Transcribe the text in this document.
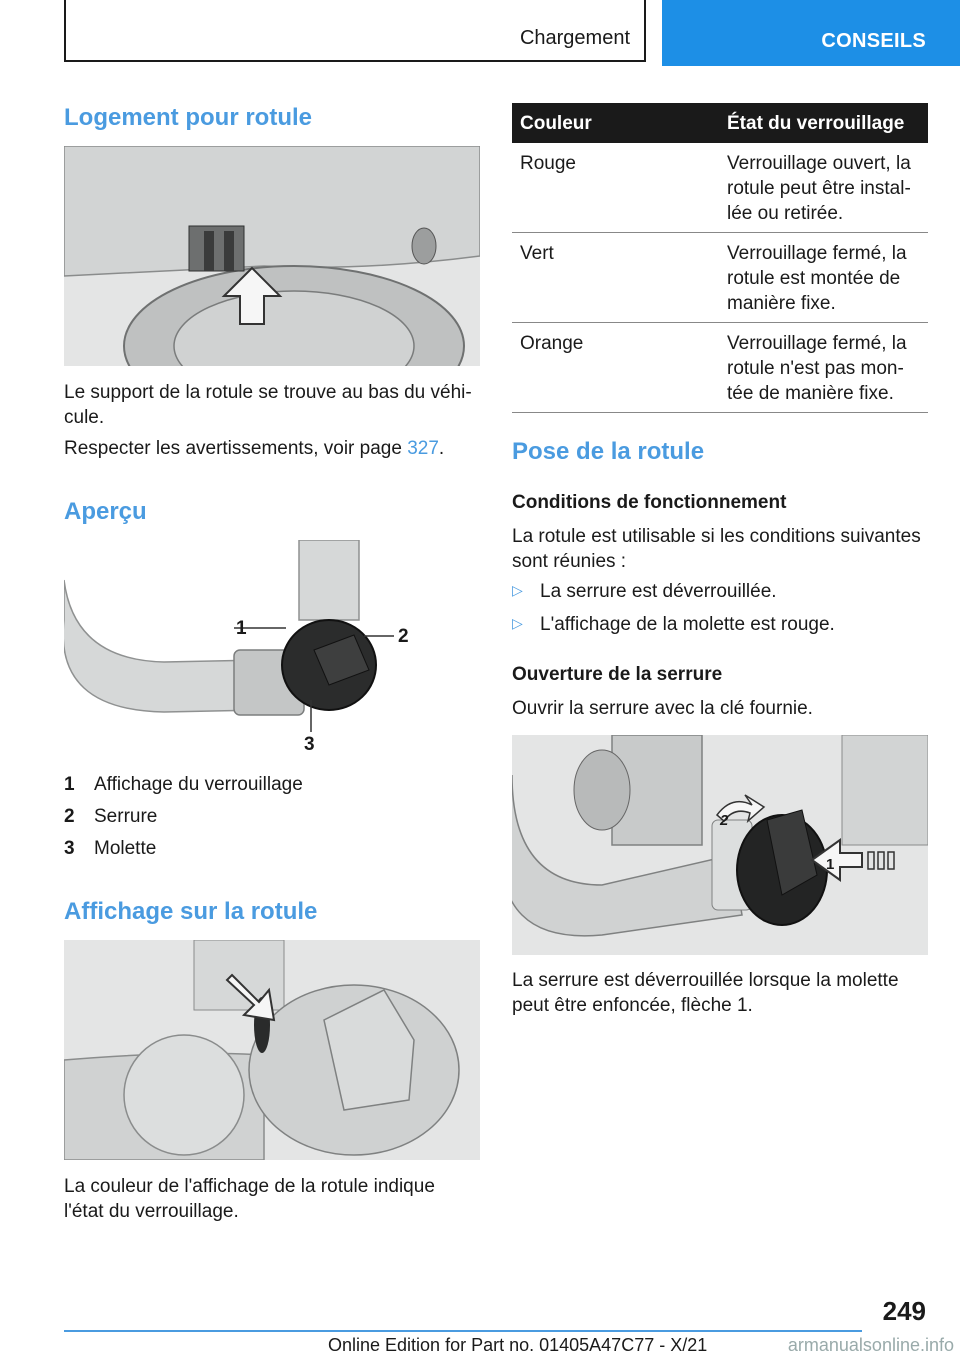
Chargement	CONSEILS
Logement pour rotule

Le support de la rotule se trouve au bas du véhi-cule.

Respecter les avertissements, voir page 327.

Aperçu
1	2
3
1	Affichage du verrouillage
2	Serrure
3	Molette
Affichage sur la rotule

La couleur de l'affichage de la rotule indique l'état du verrouillage.

Couleur	État du verrouillage
Rouge	Verrouillage ouvert, la rotule peut être instal-lée ou retirée.
Vert	Verrouillage fermé, la rotule est montée de manière fixe.
Orange	Verrouillage fermé, la rotule n'est pas mon-tée de manière fixe.
Pose de la rotule
Conditions de fonctionnement

La rotule est utilisable si les conditions suivantes sont réunies :

▷ La serrure est déverrouillée.
▷ L'affichage de la molette est rouge.
Ouverture de la serrure

Ouvrir la serrure avec la clé fournie.

2
1

La serrure est déverrouillée lorsque la molette peut être enfoncée, flèche 1.

249
Online Edition for Part no. 01405A47C77 - X/21	armanualsonline.info
